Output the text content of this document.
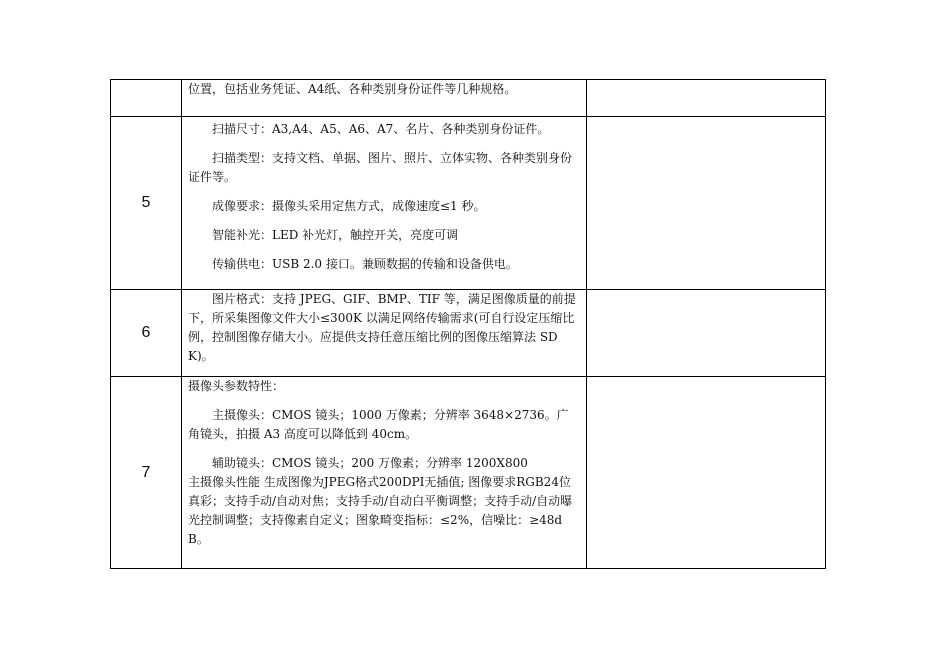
	位置，包括业务凭证、A4纸、各种类别身份证件等几种规格。	

5	扫描尺寸：A3,A4、A5、A6、A7、名片、各种类别身份证件。

扫描类型：支持文档、单据、图片、照片、立体实物、各种类别身份证件等。

成像要求：摄像头采用定焦方式，成像速度≤1 秒。

智能补光：LED 补光灯，触控开关，亮度可调

传输供电：USB 2.0 接口。兼顾数据的传输和设备供电。	

6	图片格式：支持 JPEG、GIF、BMP、TIF 等，满足图像质量的前提下，所采集图像文件大小≤300K 以满足网络传输需求(可自行设定压缩比例，控制图像存储大小。应提供支持任意压缩比例的图像压缩算法 SDK)。	

7	摄像头参数特性：

主摄像头：CMOS 镜头；1000 万像素；分辨率 3648×2736。广角镜头，拍摄 A3 高度可以降低到 40cm。

辅助镜头：CMOS 镜头；200 万像素；分辨率 1200X800

主摄像头性能 生成图像为JPEG格式200DPI无插值; 图像要求RGB24位真彩；支持手动/自动对焦；支持手动/自动白平衡调整；支持手动/自动曝光控制调整；支持像素自定义；图象畸变指标：≤2%，信噪比：≥48dB。	
